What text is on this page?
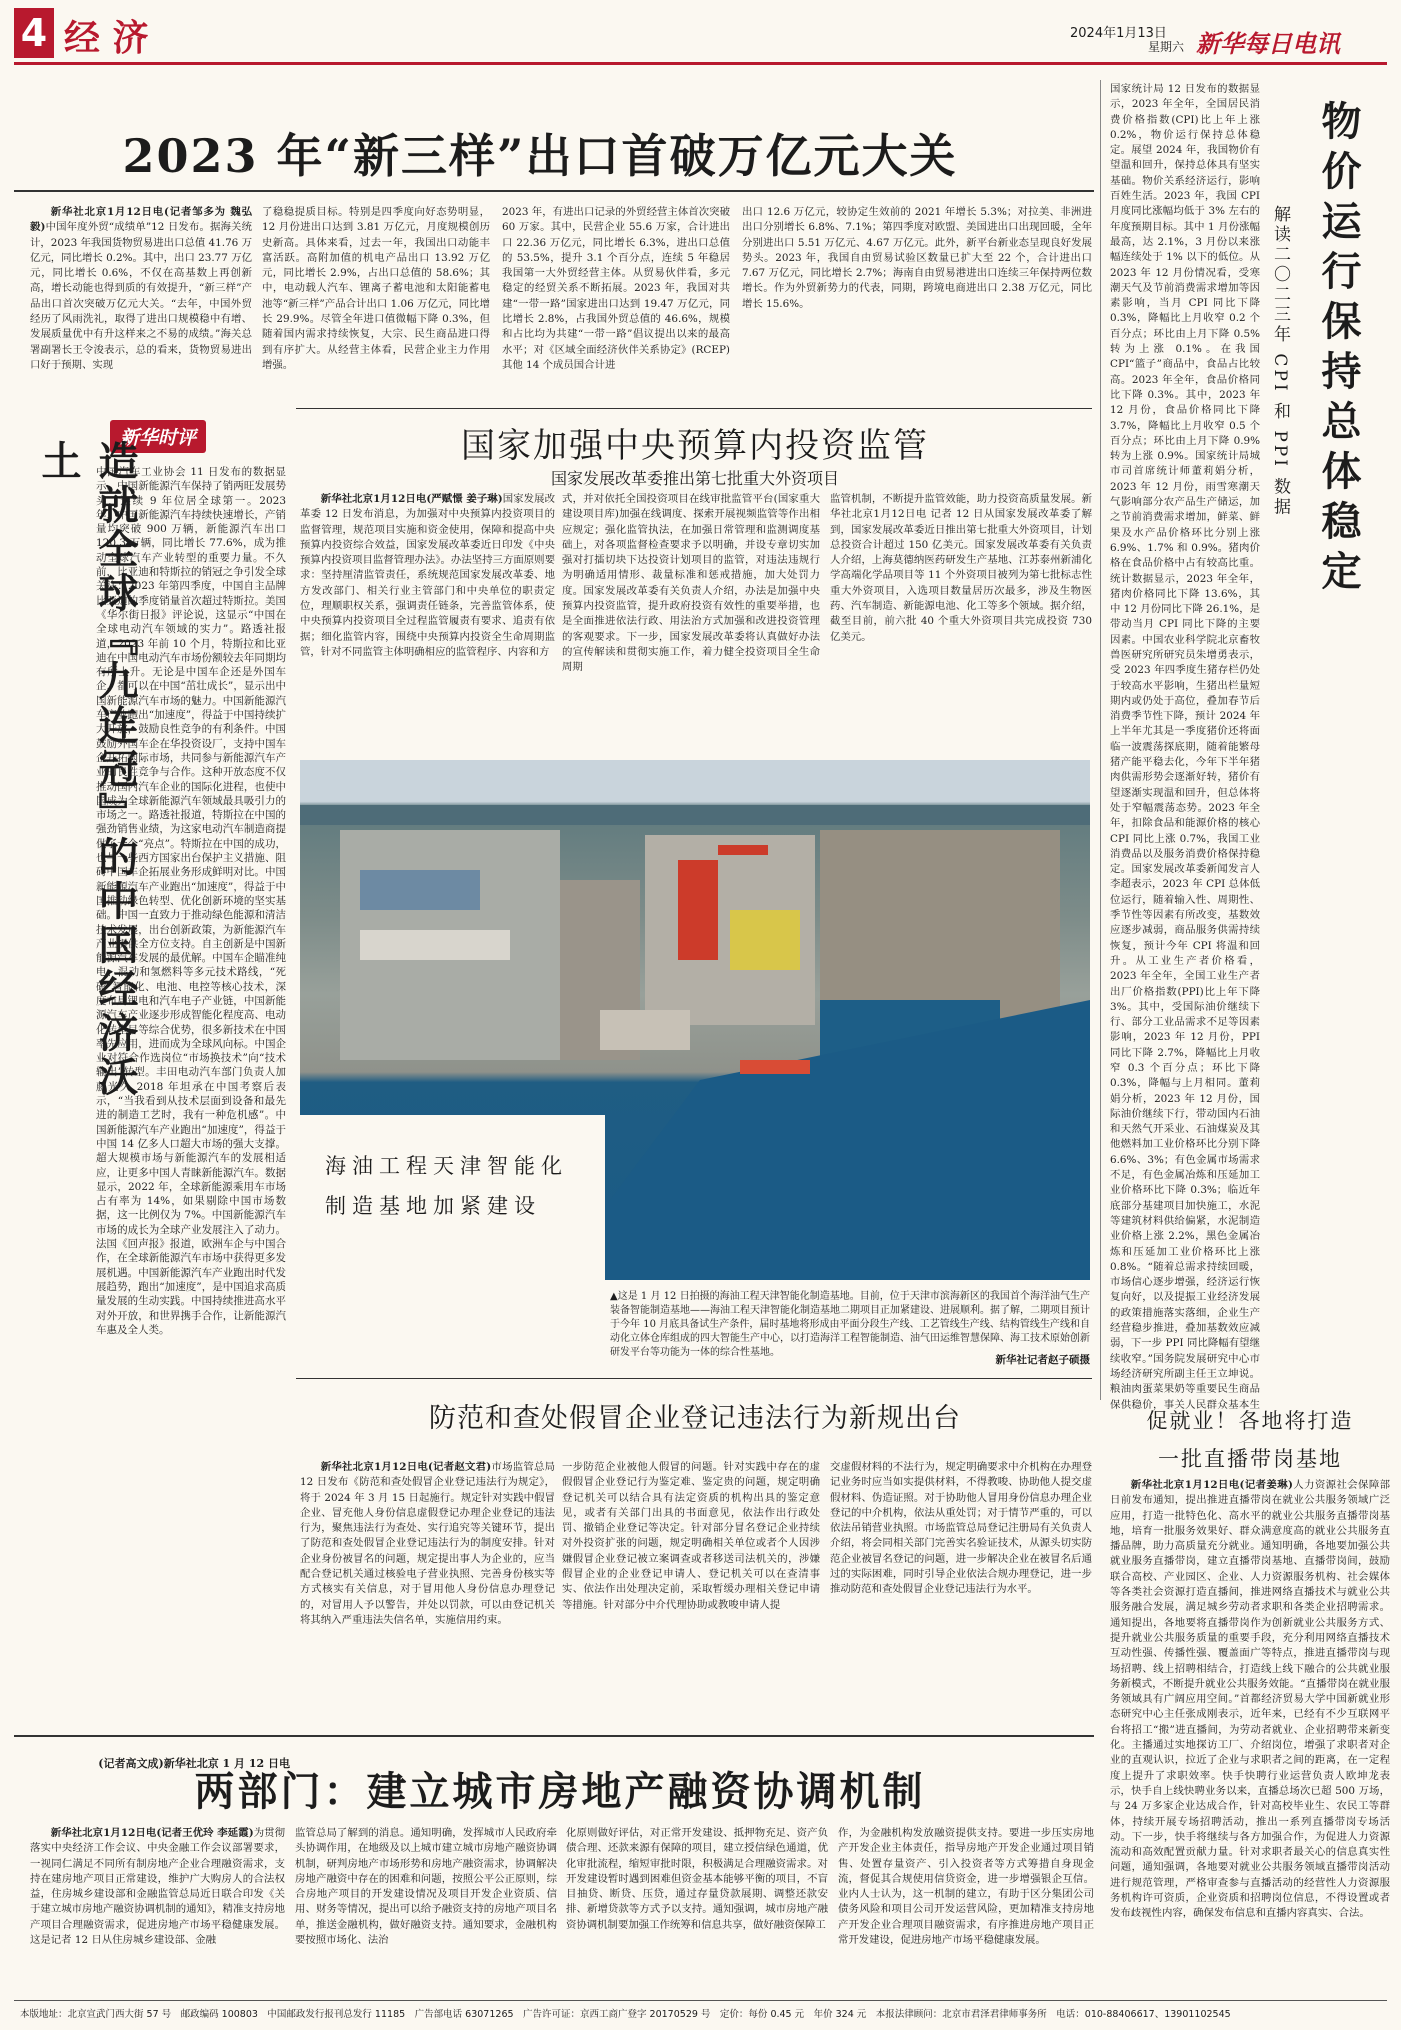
4 经 济	2024年1月13日
星期六 新华每日电讯
2023 年“新三样”出口首破万亿元大关

新华社北京1月12日电(记者邹多为 魏弘毅)中国年度外贸“成绩单”12 日发布。据海关统计，2023 年我国货物贸易进出口总值 41.76 万亿元，同比增长 0.2%。其中，出口 23.77 万亿元，同比增长 0.6%，不仅在高基数上再创新高，增长动能也得到质的有效提升，“新三样”产品出口首次突破万亿元大关。“去年，中国外贸经历了风雨洗礼，取得了进出口规模稳中有增、发展质量优中有升这样来之不易的成绩。”海关总署副署长王令浚表示，总的看来，货物贸易进出口好于预期、实现

了稳稳提质目标。特别是四季度向好态势明显，12 月份进出口达到 3.81 万亿元，月度规模创历史新高。具体来看，过去一年，我国出口动能丰富活跃。高附加值的机电产品出口 13.92 万亿元，同比增长 2.9%，占出口总值的 58.6%；其中，电动载人汽车、锂离子蓄电池和太阳能蓄电池等“新三样”产品合计出口 1.06 万亿元，同比增长 29.9%。尽管全年进口值微幅下降 0.3%，但随着国内需求持续恢复，大宗、民生商品进口得到有序扩大。从经营主体看，民营企业主力作用增强。
2023 年，有进出口记录的外贸经营主体首次突破 60 万家。其中，民营企业 55.6 万家，合计进出口 22.36 万亿元，同比增长 6.3%，进出口总值的 53.5%，提升 3.1 个百分点，连续 5 年稳居我国第一大外贸经营主体。从贸易伙伴看，多元稳定的经贸关系不断拓展。2023 年，我国对共建“一带一路”国家进出口达到 19.47 万亿元，同比增长 2.8%，占我国外贸总值的 46.6%，规模和占比均为共建“一带一路”倡议提出以来的最高水平；对《区域全面经济伙伴关系协定》(RCEP)其他 14 个成员国合计进
出口 12.6 万亿元，较协定生效前的 2021 年增长 5.3%；对拉美、非洲进出口分别增长 6.8%、7.1%；第四季度对欧盟、美国进出口出现回暖，全年分别进出口 5.51 万亿元、4.67 万亿元。此外，新平台新业态呈现良好发展势头。2023 年，我国自由贸易试验区数量已扩大至 22 个，合计进出口 7.67 万亿元，同比增长 2.7%；海南自由贸易港进出口连续三年保持两位数增长。作为外贸新势力的代表，同期，跨境电商进出口 2.38 万亿元，同比增长 15.6%。	物价运行保持总体稳定
解读二〇二三年 CPI 和 PPI 数据
国家统计局 12 日发布的数据显示，2023 年全年，全国居民消费价格指数(CPI)比上年上涨 0.2%，物价运行保持总体稳定。展望 2024 年，我国物价有望温和回升，保持总体具有坚实基础。物价关系经济运行，影响百姓生活。2023 年，我国 CPI 月度同比涨幅均低于 3% 左右的年度预期目标。其中 1 月份涨幅最高，达 2.1%，3 月份以来涨幅连续处于 1% 以下的低位。从 2023 年 12 月份情况看，受寒潮天气及节前消费需求增加等因素影响，当月 CPI 同比下降 0.3%，降幅比上月收窄 0.2 个百分点；环比由上月下降 0.5% 转为上涨 0.1%。在我国 CPI“篮子”商品中，食品占比较高。2023 年全年，食品价格同比下降 0.3%。其中，2023 年 12 月份，食品价格同比下降 3.7%，降幅比上月收窄 0.5 个百分点；环比由上月下降 0.9% 转为上涨 0.9%。国家统计局城市司首席统计师董莉娟分析，2023 年 12 月份，雨雪寒潮天气影响部分农产品生产储运，加之节前消费需求增加，鲜菜、鲜果及水产品价格环比分别上涨 6.9%、1.7% 和 0.9%。猪肉价格在食品价格中占有较高比重。统计数据显示，2023 年全年，猪肉价格同比下降 13.6%，其中 12 月份同比下降 26.1%，是带动当月 CPI 同比下降的主要因素。中国农业科学院北京畜牧兽医研究所研究员朱增勇表示，受 2023 年四季度生猪存栏仍处于较高水平影响，生猪出栏量短期内或仍处于高位，叠加春节后消费季节性下降，预计 2024 年上半年尤其是一季度猪价还将面临一波震荡探底期，随着能繁母猪产能平稳去化，今年下半年猪肉供需形势会逐渐好转，猪价有望逐渐实现温和回升，但总体将处于窄幅震荡态势。2023 年全年，扣除食品和能源价格的核心 CPI 同比上涨 0.7%，我国工业消费品以及服务消费价格保持稳定。国家发展改革委新闻发言人李超表示，2023 年 CPI 总体低位运行，随着输入性、周期性、季节性等因素有所改变，基数效应逐步减弱，商品服务供需持续恢复，预计今年 CPI 将温和回升。从工业生产者价格看，2023 年全年，全国工业生产者出厂价格指数(PPI)比上年下降 3%。其中，受国际油价继续下行、部分工业品需求不足等因素影响，2023 年 12 月份，PPI 同比下降 2.7%，降幅比上月收窄 0.3 个百分点；环比下降 0.3%，降幅与上月相同。董莉娟分析，2023 年 12 月份，国际油价继续下行，带动国内石油和天然气开采业、石油煤炭及其他燃料加工业价格环比分别下降 6.6%、3%；有色金属市场需求不足，有色金属冶炼和压延加工业价格环比下降 0.3%；临近年底部分基建项目加快施工，水泥等建筑材料供给偏紧，水泥制造业价格上涨 2.2%，黑色金属冶炼和压延加工业价格环比上涨 0.8%。“随着总需求持续回暖，市场信心逐步增强，经济运行恢复向好，以及提振工业经济发展的政策措施落实落细，企业生产经营稳步推进，叠加基数效应减弱，下一步 PPI 同比降幅有望继续收窄。”国务院发展研究中心市场经济研究所副主任王立坤说。粮油肉蛋菜果奶等重要民生商品保供稳价，事关人民群众基本生
新华时评
造就全球『九连冠』的中国经济沃土	中国汽车工业协会 11 日发布的数据显示，中国新能源汽车保持了销两旺发展势头，连续 9 年位居全球第一。2023 年，中国新能源汽车持续快速增长，产销量均突破 900 万辆，新能源汽车出口 120.3 万辆，同比增长 77.6%，成为推动全球汽车产业转型的重要力量。不久前，比亚迪和特斯拉的销冠之争引发全球关注：2023 年第四季度，中国自主品牌比亚迪的季度销量首次超过特斯拉。美国《华尔街日报》评论说，这显示“中国在全球电动汽车领域的实力”。路透社报道，2023 年前 10 个月，特斯拉和比亚迪在中国电动汽车市场份额较去年同期均有所上升。无论是中国车企还是外国车企，都可以在中国“茁壮成长”，显示出中国新能源汽车市场的魅力。中国新能源汽车产业跑出“加速度”，得益于中国持续扩大开放，鼓励良性竞争的有利条件。中国鼓励外国车企在华投资设厂，支持中国车企开拓国际市场，共同参与新能源汽车产业的良性竞争与合作。这种开放态度不仅推动国内汽车企业的国际化进程，也使中国成为全球新能源汽车领域最具吸引力的市场之一。路透社报道，特斯拉在中国的强劲销售业绩，为这家电动汽车制造商提供了一个“亮点”。特斯拉在中国的成功，也与一些西方国家出台保护主义措施、阻碍中国车企拓展业务形成鲜明对比。中国新能源汽车产业跑出“加速度”，得益于中国推动绿色转型、优化创新环境的坚实基础。中国一直致力于推动绿色能源和清洁技术发展，出台创新政策，为新能源汽车产业提供全方位支持。自主创新是中国新能源汽车发展的最优解。中国车企瞄准纯电、混动和氢燃料等多元技术路线，“死磕”智能化、电池、电控等核心技术，深度布局锂电和汽车电子产业链，中国新能源汽车产业逐步形成智能化程度高、电动化转型早等综合优势，很多新技术在中国率先应用，进而成为全球风向标。中国企业对符合作选岗位“市场换技术”向“技术输出”转型。丰田电动汽车部门负责人加藤光久 2018 年坦承在中国考察后表示，“当我看到从技术层面到设备和最先进的制造工艺时，我有一种危机感”。中国新能源汽车产业跑出“加速度”，得益于中国 14 亿多人口超大市场的强大支撑。超大规模市场与新能源汽车的发展相适应，让更多中国人青睐新能源汽车。数据显示，2022 年，全球新能源乘用车市场占有率为 14%，如果剔除中国市场数据，这一比例仅为 7%。中国新能源汽车市场的成长为全球产业发展注入了动力。法国《回声报》报道，欧洲车企与中国合作，在全球新能源汽车市场中获得更多发展机遇。中国新能源汽车产业跑出时代发展趋势，跑出“加速度”，是中国追求高质量发展的生动实践。中国持续推进高水平对外开放，和世界携手合作，让新能源汽车惠及全人类。
(记者高文成)新华社北京 1 月 12 日电
国家加强中央预算内投资监管
国家发展改革委推出第七批重大外资项目

新华社北京1月12日电(严赋憬 姜子琳)国家发展改革委 12 日发布消息，为加强对中央预算内投资项目的监督管理，规范项目实施和资金使用，保障和提高中央预算内投资综合效益，国家发展改革委近日印发《中央预算内投资项目监督管理办法》。办法坚持三方面原则要求：坚持厘清监管责任，系统规范国家发展改革委、地方发改部门、相关行业主管部门和中央单位的职责定位，理顺职权关系，强调责任链条，完善监管体系，使中央预算内投资项目全过程监管履责有要求、追责有依据；细化监管内容，围绕中央预算内投资全生命周期监管，针对不同监管主体明确相应的监管程序、内容和方

式，并对依托全国投资项目在线审批监管平台(国家重大建设项目库)加强在线调度、探索开展视频监管等作出相应规定；强化监管执法，在加强日常管理和监测调度基础上，对各项监督检查要求予以明确，并设专章切实加强对打擂切块下达投资计划项目的监管，对违法违规行为明确适用情形、裁量标准和惩戒措施，加大处罚力度。国家发展改革委有关负责人介绍，办法是加强中央预算内投资监管，提升政府投资有效性的重要举措，也是全面推进依法行政、用法治方式加强和改进投资管理的客观要求。下一步，国家发展改革委将认真做好办法的宣传解读和贯彻实施工作，着力健全投资项目全生命周期
监管机制，不断提升监管效能，助力投资高质量发展。新华社北京1月12日电 记者 12 日从国家发展改革委了解到，国家发展改革委近日推出第七批重大外资项目，计划总投资合计超过 150 亿美元。国家发展改革委有关负责人介绍，上海莫德纳医药研发生产基地、江苏泰州新浦化学高端化学品项目等 11 个外资项目被列为第七批标志性重大外资项目，入选项目数量居历次最多，涉及生物医药、汽车制造、新能源电池、化工等多个领域。据介绍，截至目前，前六批 40 个重大外资项目共完成投资 730 亿美元。
海油工程天津智能化
制造基地加紧建设
▲这是 1 月 12 日拍摄的海油工程天津智能化制造基地。目前，位于天津市滨海新区的我国首个海洋油气生产装备智能制造基地——海油工程天津智能化制造基地二期项目正加紧建设、进展顺利。据了解，二期项目预计于今年 10 月底具备试生产条件，届时基地将形成由平面分段生产线、工艺管线生产线、结构管线生产线和自动化立体仓库组成的四大智能生产中心，以打造海洋工程智能制造、油气田运维智慧保障、海工技术原始创新研发平台等功能为一体的综合性基地。
新华社记者赵子硕摄
防范和查处假冒企业登记违法行为新规出台

新华社北京1月12日电(记者赵文君)市场监管总局 12 日发布《防范和查处假冒企业登记违法行为规定》，将于 2024 年 3 月 15 日起施行。规定针对实践中假冒企业、冒充他人身份信息虚假登记办理企业登记的违法行为，聚焦违法行为查处、实行追究等关键环节，提出了防范和查处假冒企业登记违法行为的制度安排。针对企业身份被冒名的问题，规定提出事人为企业的，应当配合登记机关通过核验电子营业执照、完善身份核实等方式核实有关信息，对于冒用他人身份信息办理登记的，对冒用人予以警告，并处以罚款，可以由登记机关将其纳入严重违法失信名单，实施信用约束。

一步防范企业被他人假冒的问题。针对实践中存在的虚假假冒企业登记行为鉴定难、鉴定贵的问题，规定明确登记机关可以结合具有法定资质的机构出具的鉴定意见，或者有关部门出具的书面意见，依法作出行政处罚、撤销企业登记等决定。针对部分冒名登记企业持续对外投资扩张的问题，规定明确相关单位或者个人因涉嫌假冒企业登记被立案调查或者移送司法机关的，涉嫌假冒企业的企业登记申请人、登记机关可以在查清事实、依法作出处理决定前，采取暂缓办理相关登记申请等措施。针对部分中介代理协助或教唆申请人提
交虚假材料的不法行为，规定明确要求中介机构在办理登记业务时应当如实提供材料，不得教唆、协助他人提交虚假材料、伪造证照。对于协助他人冒用身份信息办理企业登记的中介机构，依法从重处罚；对于情节严重的，可以依法吊销营业执照。市场监管总局登记注册局有关负责人介绍，将会同相关部门完善实名验证技术，从源头切实防范企业被冒名登记的问题，进一步解决企业在被冒名后通过的实际困难，同时引导企业依法合规办理登记，进一步推动防范和查处假冒企业登记违法行为水平。
促就业！各地将打造
一批直播带岗基地

新华社北京1月12日电(记者姜琳)人力资源社会保障部日前发布通知，提出推进直播带岗在就业公共服务领域广泛应用，打造一批特色化、高水平的就业公共服务直播带岗基地，培育一批服务效果好、群众满意度高的就业公共服务直播品牌，助力高质量充分就业。通知明确，各地要加强公共就业服务直播带岗，建立直播带岗基地、直播带岗间，鼓励联合高校、产业园区、企业、人力资源服务机构、社会媒体等各类社会资源打造直播间，推进网络直播技术与就业公共服务融合发展，满足城乡劳动者求职和各类企业招聘需求。通知提出，各地要将直播带岗作为创新就业公共服务方式、提升就业公共服务质量的重要手段，充分利用网络直播技术互动性强、传播性强、覆盖面广等特点，推进直播带岗与现场招聘、线上招聘相结合，打造线上线下融合的公共就业服务新模式，不断提升就业公共服务效能。“直播带岗在就业服务领域具有广阔应用空间。”首都经济贸易大学中国新就业形态研究中心主任张成刚表示，近年来，已经有不少互联网平台将招工“搬”进直播间，为劳动者就业、企业招聘带来新变化。主播通过实地探访工厂、介绍岗位，增强了求职者对企业的直观认识，拉近了企业与求职者之间的距离，在一定程度上提升了求职效率。快手快聘行业运营负责人欧坤龙表示，快手自上线快聘业务以来，直播总场次已超 500 万场，与 24 万多家企业达成合作，针对高校毕业生、农民工等群体，持续开展专场招聘活动，推出一系列直播带岗专场活动。下一步，快手将继续与各方加强合作，为促进人力资源流动和高效配置贡献力量。针对求职者最关心的信息真实性问题，通知强调，各地要对就业公共服务领域直播带岗活动进行规范管理，严格审查参与直播活动的经营性人力资源服务机构许可资质，企业资质和招聘岗位信息，不得设置或者发布歧视性内容，确保发布信息和直播内容真实、合法。

两部门：建立城市房地产融资协调机制

新华社北京1月12日电(记者王优玲 李延霞)为贯彻落实中央经济工作会议、中央金融工作会议部署要求，一视同仁满足不同所有制房地产企业合理融资需求，支持在建房地产项目正常建设，维护广大购房人的合法权益，住房城乡建设部和金融监管总局近日联合印发《关于建立城市房地产融资协调机制的通知》，精准支持房地产项目合理融资需求，促进房地产市场平稳健康发展。这是记者 12 日从住房城乡建设部、金融

监管总局了解到的消息。通知明确，发挥城市人民政府牵头协调作用，在地级及以上城市建立城市房地产融资协调机制，研判房地产市场形势和房地产融资需求，协调解决房地产融资中存在的困难和问题，按照公平公正原则，综合房地产项目的开发建设情况及项目开发企业资质、信用、财务等情况，提出可以给予融资支持的房地产项目名单，推送金融机构，做好融资支持。通知要求，金融机构要按照市场化、法治
化原则做好评估，对正常开发建设、抵押物充足、资产负债合理、还款来源有保障的项目，建立授信绿色通道，优化审批流程，缩短审批时限，积极满足合理融资需求。对开发建设暂时遇到困难但资金基本能够平衡的项目，不盲目抽贷、断贷、压贷，通过存量贷款展期、调整还款安排、新增贷款等方式予以支持。通知强调，城市房地产融资协调机制要加强工作统筹和信息共享，做好融资保障工
作，为金融机构发放融资提供支持。要进一步压实房地产开发企业主体责任，指导房地产开发企业通过项目销售、处置存量资产、引入投资者等方式筹措自身现金流，督促其合规使用信贷资金，进一步增强银企互信。业内人士认为，这一机制的建立，有助于区分集团公司债务风险和项目公司开发运营风险，更加精准支持房地产开发企业合理项目融资需求，有序推进房地产项目正常开发建设，促进房地产市场平稳健康发展。
本版地址：北京宣武门西大街 57 号　邮政编码 100803　中国邮政发行报刊总发行 11185　广告部电话 63071265　广告许可证：京西工商广登字 20170529 号　定价：每份 0.45 元　年价 324 元　本报法律顾问：北京市君泽君律师事务所　电话：010-88406617、13901102545
